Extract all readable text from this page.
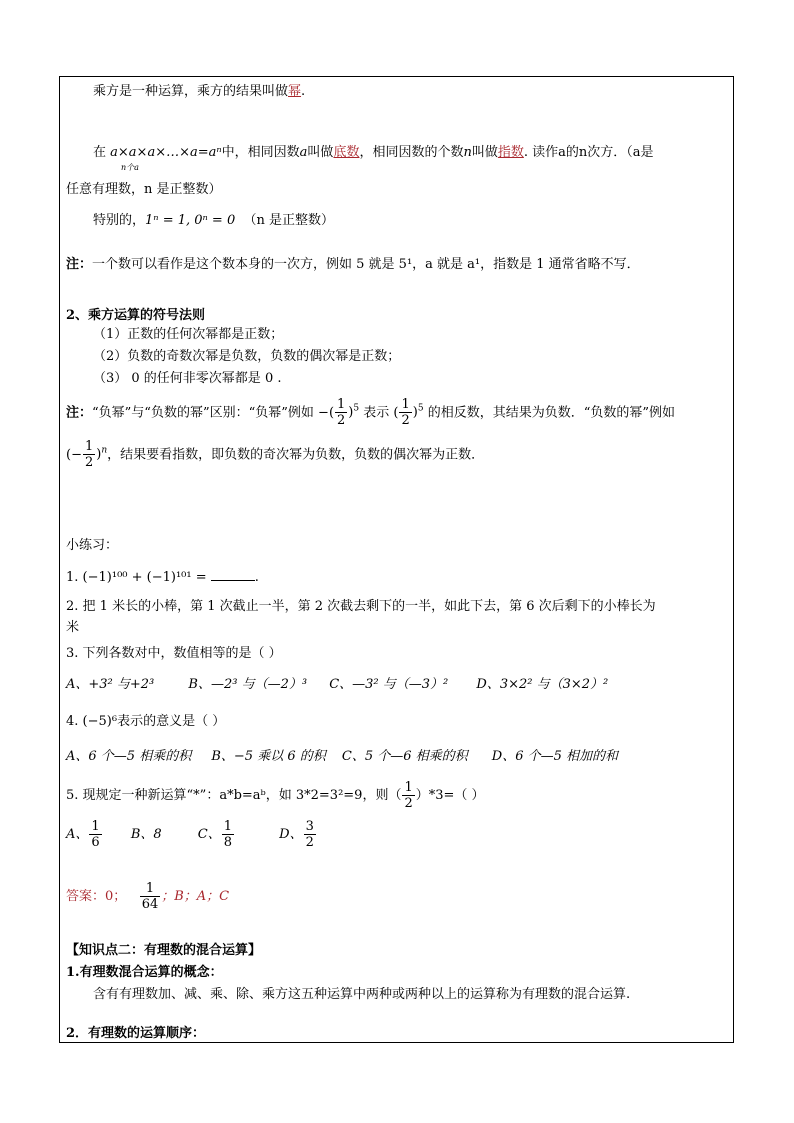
乘方是一种运算，乘方的结果叫做幂.
在 a×a×a×…×a=aⁿ中，相同因数a叫做底数，相同因数的个数n叫做指数. 读作a的n次方．（a是
n个a
任意有理数，n 是正整数）
特别的，1ⁿ = 1, 0ⁿ = 0 （n 是正整数）
注：一个数可以看作是这个数本身的一次方，例如 5 就是 5¹，a 就是 a¹，指数是 1 通常省略不写．
2、乘方运算的符号法则
（1）正数的任何次幂都是正数；
（2）负数的奇数次幂是负数，负数的偶次幂是正数；
（3） 0 的任何非零次幂都是 0 .
注：“负幂”与“负数的幂”区别：“负幂”例如 −( $\frac{1}{2} )^5$ 表示 ( $\frac{1}{2} )^5$ 的相反数，其结果为负数．“负数的幂”例如
(− $\frac{1}{2} )^n$，结果要看指数，即负数的奇次幂为负数，负数的偶次幂为正数．
小练习：
1. (−1)¹⁰⁰ + (−1)¹⁰¹ =	.
2. 把 1 米长的小棒，第 1 次截止一半，第 2 次截去剩下的一半，如此下去，第 6 次后剩下的小棒长为
米
3. 下列各数对中，数值相等的是（ ）
A、+3² 与+2³	B、—2³ 与（—2）³ C、—3² 与（—3）² D、3×2² 与（3×2）²
4. (−5)⁶表示的意义是（ ）
A、6 个—5 相乘的积 B、−5 乘以 6 的积 C、5 个—6 相乘的积 D、6 个—5 相加的和
5. 现规定一种新运算“*”：a*b=aᵇ，如 3*2=3²=9，则（ $\frac{1}{2} )*3=$（ ）
A、 $\frac{1}{6}$ B、8	C、 $\frac{1}{8}$	D、 $\frac{3}{2}$
答案：0； $\frac{1}{64}$ ；B；A；C
【知识点二：有理数的混合运算】
1.有理数混合运算的概念：
含有有理数加、减、乘、除、乘方这五种运算中两种或两种以上的运算称为有理数的混合运算.
2．有理数的运算顺序：
